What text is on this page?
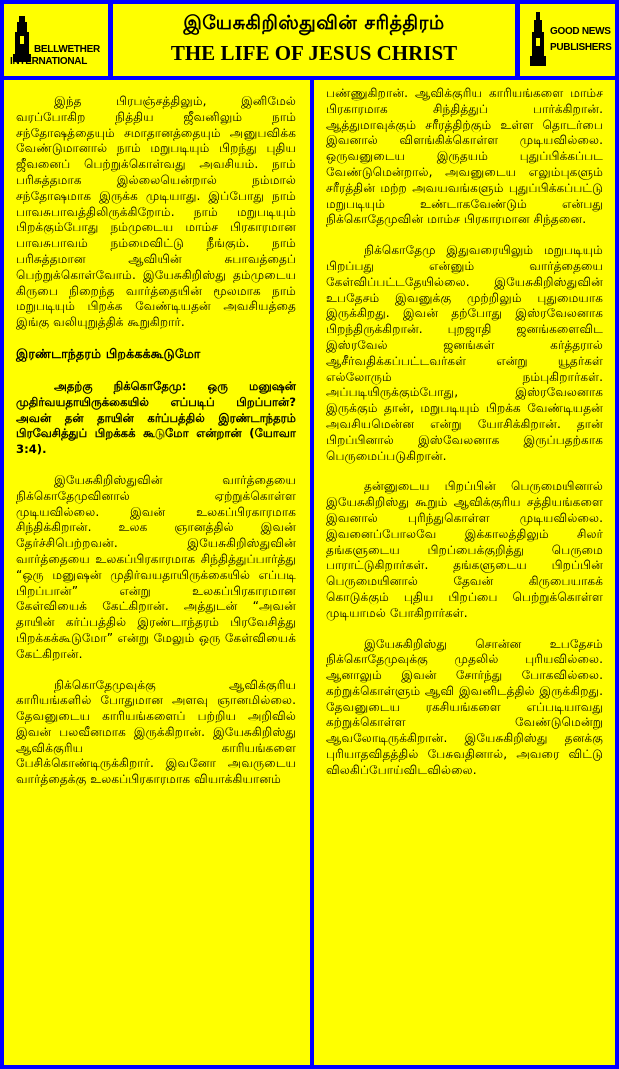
BELLWETHER
INTERNATIONAL
இயேசுகிறிஸ்துவின் சரித்திரம்
THE LIFE OF JESUS CHRIST
GOOD NEWS
PUBLISHERS

இந்த பிரபஞ்சத்திலும், இனிமேல் வரப்போகிற நித்திய ஜீவனிலும் நாம் சந்தோஷத்தையும் சமாதானத்தையும் அனுபவிக்க வேண்டுமானால் நாம் மறுபடியும் பிறந்து புதிய ஜீவனைப் பெற்றுக்கொள்வது அவசியம். நாம் பரிசுத்தமாக இல்லையென்றால் நம்மால் சந்தோஷமாக இருக்க முடியாது. இப்போது நாம் பாவசுபாவத்திலிருக்கிறோம். நாம் மறுபடியும் பிறக்கும்போது நம்முடைய மாம்ச பிரகாரமான பாவசுபாவம் நம்மைவிட்டு நீங்கும். நாம் பரிசுத்தமான ஆவியின் சுபாவத்தைப் பெற்றுக்கொள்வோம். இயேசுகிறிஸ்து தம்முடைய கிருபை நிறைந்த வார்த்தையின் மூலமாக நாம் மறுபடியும் பிறக்க வேண்டியதன் அவசியத்தை இங்கு வலியுறுத்திக் கூறுகிறார்.

இரண்டாந்தரம் பிறக்கக்கூடுமோ

அதற்கு நிக்கொதேமு: ஒரு மனுஷன் முதிர்வயதாயிருக்கையில் எப்படிப் பிறப்பான்? அவன் தன் தாயின் கர்ப்பத்தில் இரண்டாந்தரம் பிரவேசித்துப் பிறக்கக் கூடுமோ என்றான் (யோவா 3:4).

இயேசுகிறிஸ்துவின் வார்த்தையை நிக்கொதேமுவினால் ஏற்றுக்கொள்ள முடியவில்லை. இவன் உலகப்பிரகாரமாக சிந்திக்கிறான். உலக ஞானத்தில் இவன் தேர்ச்சிபெற்றவன். இயேசுகிறிஸ்துவின் வார்த்தையை உலகப்பிரகாரமாக சிந்தித்துப்பார்த்து “ஒரு மனுஷன் முதிர்வயதாயிருக்கையில் எப்படி பிறப்பான்” என்று உலகப்பிரகாரமான கேள்வியைக் கேட்கிறான். அத்துடன் “அவன் தாயின் கர்ப்பத்தில் இரண்டாந்தரம் பிரவேசித்து பிறக்கக்கூடுமோ” என்று மேலும் ஒரு கேள்வியைக் கேட்கிறான்.

நிக்கொதேமுவுக்கு ஆவிக்குரிய காரியங்களில் போதுமான அளவு ஞானமில்லை. தேவனுடைய காரியங்களைப் பற்றிய அறிவில் இவன் பலவீனமாக இருக்கிறான். இயேசுகிறிஸ்து ஆவிக்குரிய காரியங்களை பேசிக்கொண்டிருக்கிறார். இவனோ அவருடைய வார்த்தைக்கு உலகப்பிரகாரமாக வியாக்கியானம்

பண்ணுகிறான். ஆவிக்குரிய காரியங்களை மாம்ச பிரகாரமாக சிந்தித்துப் பார்க்கிறான். ஆத்துமாவுக்கும் சரீரத்திற்கும் உள்ள தொடர்பை இவனால் விளங்கிக்கொள்ள முடியவில்லை. ஒருவனுடைய இருதயம் புதுப்பிக்கப்பட வேண்டுமென்றால், அவனுடைய எலும்புகளும் சரீரத்தின் மற்ற அவயவங்களும் புதுப்பிக்கப்பட்டு மறுபடியும் உண்டாகவேண்டும் என்பது நிக்கொதேமுவின் மாம்ச பிரகாரமான சிந்தனை.

நிக்கொதேமு இதுவரையிலும் மறுபடியும் பிறப்பது என்னும் வார்த்தையை கேள்விப்பட்டதேயில்லை. இயேசுகிறிஸ்துவின் உபதேசம் இவனுக்கு முற்றிலும் புதுமையாக இருக்கிறது. இவன் தற்போது இஸ்ரவேலனாக பிறந்திருக்கிறான். புறஜாதி ஜனங்களைவிட இஸ்ரவேல் ஜனங்கள் கர்த்தரால் ஆசீர்வதிக்கப்பட்டவர்கள் என்று யூதர்கள் எல்லோரும் நம்புகிறார்கள். அப்படியிருக்கும்போது, இஸ்ரவேலனாக இருக்கும் தான், மறுபடியும் பிறக்க வேண்டியதன் அவசியமென்ன என்று யோசிக்கிறான். தான் பிறப்பினால் இஸ்வேலனாக இருப்பதற்காக பெருமைப்படுகிறான்.

தன்னுடைய பிறப்பின் பெருமையினால் இயேசுகிறிஸ்து கூறும் ஆவிக்குரிய சத்தியங்களை இவனால் புரிந்துகொள்ள முடியவில்லை. இவனைப்போலவே இக்காலத்திலும் சிலர் தங்களுடைய பிறப்பைக்குறித்து பெருமை பாராட்டுகிறார்கள். தங்களுடைய பிறப்பின் பெருமையினால் தேவன் கிருபையாகக் கொடுக்கும் புதிய பிறப்பை பெற்றுக்கொள்ள முடியாமல் போகிறார்கள்.

இயேசுகிறிஸ்து சொன்ன உபதேசம் நிக்கொதேமுவுக்கு முதலில் புரியவில்லை. ஆனாலும் இவன் சோர்ந்து போகவில்லை. கற்றுக்கொள்ளும் ஆவி இவனிடத்தில் இருக்கிறது. தேவனுடைய ரகசியங்களை எப்படியாவது கற்றுக்கொள்ள வேண்டுமென்று ஆவலோடிருக்கிறான். இயேசுகிறிஸ்து தனக்கு புரியாதவிதத்தில் பேசுவதினால், அவரை விட்டு விலகிப்போய்விடவில்லை.
